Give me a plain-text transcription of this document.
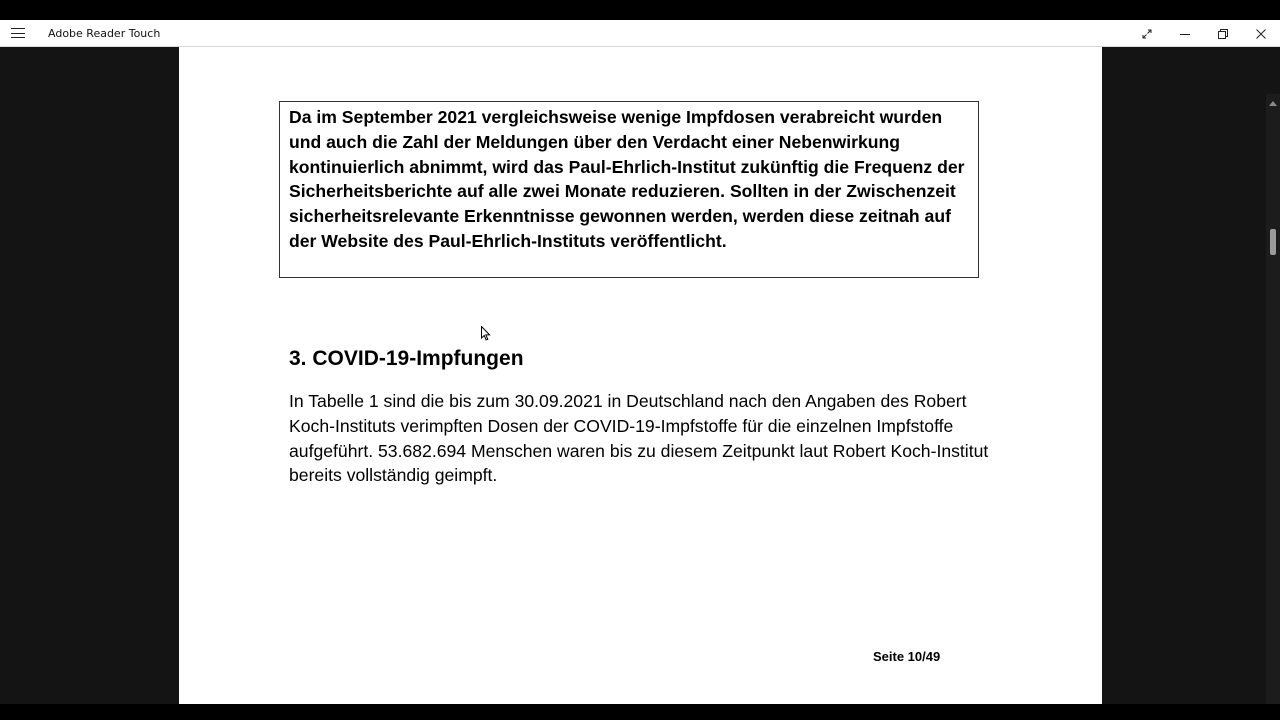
Adobe Reader Touch

Da im September 2021 vergleichsweise wenige Impfdosen verabreicht wurden und auch die Zahl der Meldungen über den Verdacht einer Nebenwirkung kontinuierlich abnimmt, wird das Paul-Ehrlich-Institut zukünftig die Frequenz der Sicherheitsberichte auf alle zwei Monate reduzieren. Sollten in der Zwischenzeit sicherheitsrelevante Erkenntnisse gewonnen werden, werden diese zeitnah auf der Website des Paul-Ehrlich-Instituts veröffentlicht.

3. COVID-19-Impfungen

In Tabelle 1 sind die bis zum 30.09.2021 in Deutschland nach den Angaben des Robert Koch-Instituts verimpften Dosen der COVID-19-Impfstoffe für die einzelnen Impfstoffe aufgeführt. 53.682.694 Menschen waren bis zu diesem Zeitpunkt laut Robert Koch-Institut bereits vollständig geimpft.

Seite 10/49
